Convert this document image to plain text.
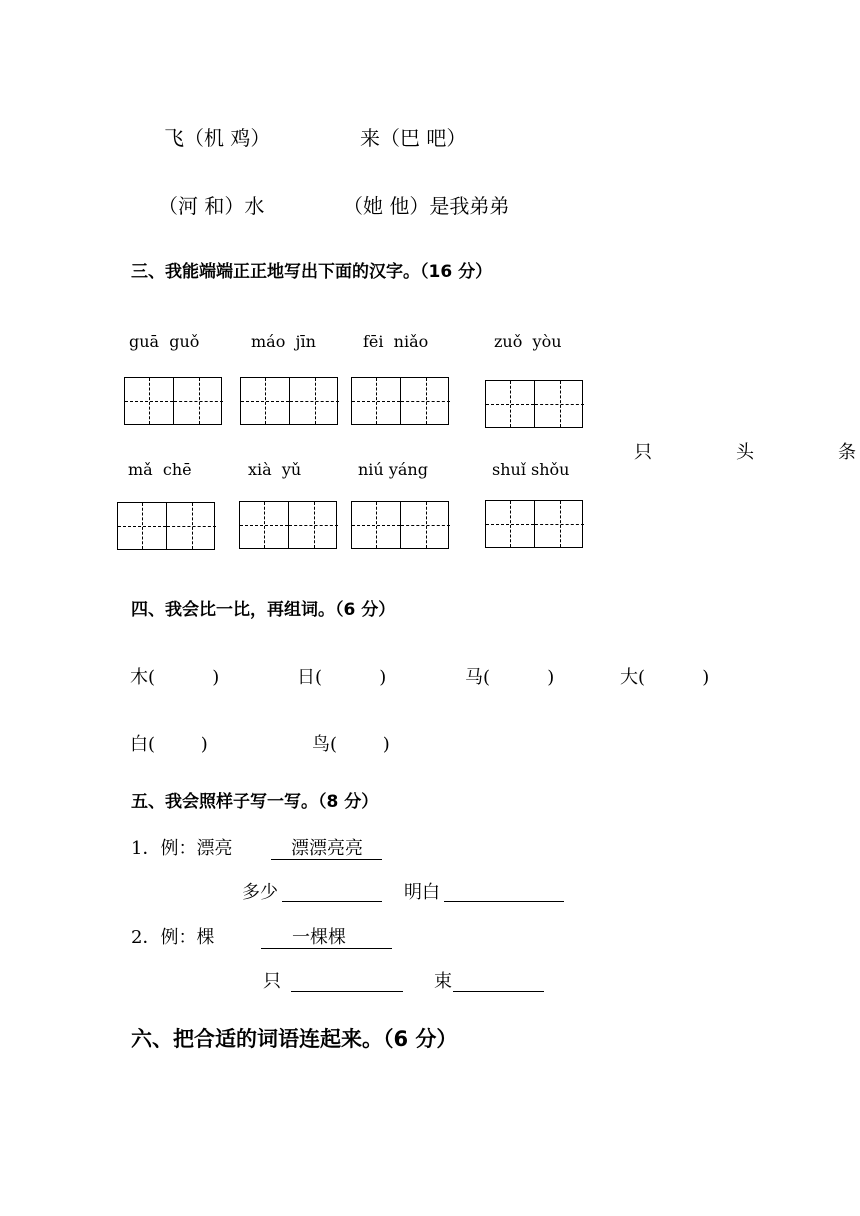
飞（机 鸡）	来（巴 吧）
（河 和）水	（她 他）是我弟弟
三、我能端端正正地写出下面的汉字。（16 分）
guā  guǒ	máo  jīn	fēi  niǎo	zuǒ  yòu
mǎ  chē	xià  yǔ	niú yáng	shuǐ shǒu
只	头	条
四、我会比一比，再组词。（6 分）
木(          )	日(          )	马(          )	大(          )
白(        )	鸟(        )
五、我会照样子写一写。（8 分）
1．例：漂亮	漂漂亮亮
多少	明白
2．例：棵	一棵棵
只	束
六、把合适的词语连起来。（6 分）
